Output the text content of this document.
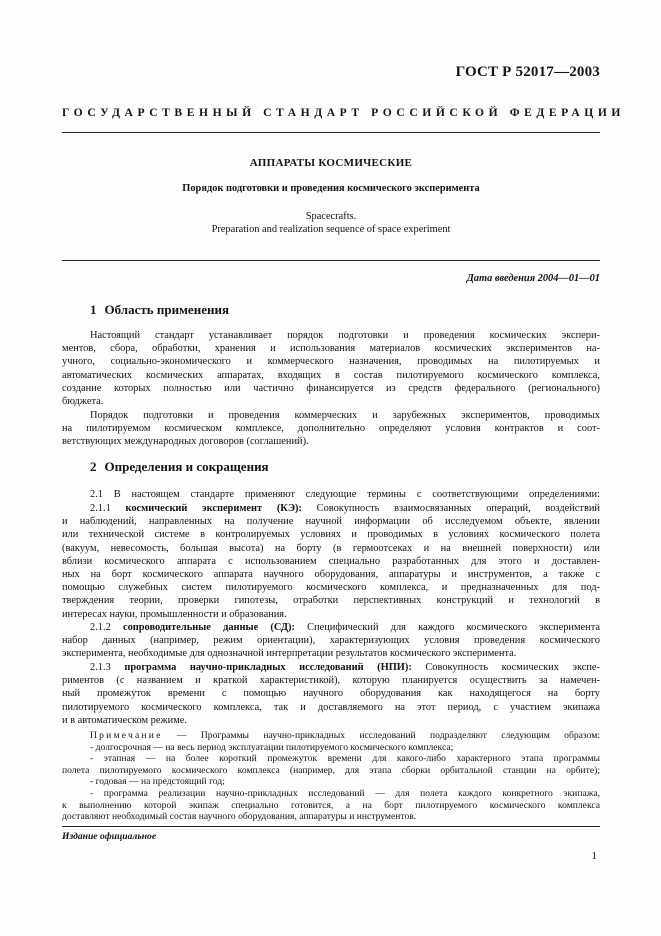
ГОСТ Р 52017—2003
ГОСУДАРСТВЕННЫЙ СТАНДАРТ РОССИЙСКОЙ ФЕДЕРАЦИИ
АППАРАТЫ КОСМИЧЕСКИЕ
Порядок подготовки и проведения космического эксперимента
Spacecrafts.
Preparation and realization sequence of space experiment
Дата введения 2004—01—01
1 Область применения
Настоящий стандарт устанавливает порядок подготовки и проведения космических экспери-
ментов, сбора, обработки, хранения и использования материалов космических экспериментов на-
учного, социально-экономического и коммерческого назначения, проводимых на пилотируемых и
автоматических космических аппаратах, входящих в состав пилотируемого космического комплекса,
создание которых полностью или частично финансируется из средств федерального (регионального)
бюджета.
Порядок подготовки и проведения коммерческих и зарубежных экспериментов, проводимых
на пилотируемом космическом комплексе, дополнительно определяют условия контрактов и соот-
ветствующих международных договоров (соглашений).
2 Определения и сокращения
2.1 В настоящем стандарте применяют следующие термины с соответствующими определениями:
2.1.1 космический эксперимент (КЭ): Совокупность взаимосвязанных операций, воздействий
и наблюдений, направленных на получение научной информации об исследуемом объекте, явлении
или технической системе в контролируемых условиях и проводимых в условиях космического полета
(вакуум, невесомость, большая высота) на борту (в гермоотсеках и на внешней поверхности) или
вблизи космического аппарата с использованием специально разработанных для этого и доставлен-
ных на борт космического аппарата научного оборудования, аппаратуры и инструментов, а также с
помощью служебных систем пилотируемого космического комплекса, и предназначенных для под-
тверждения теории, проверки гипотезы, отработки перспективных конструкций и технологий в
интересах науки, промышленности и образования.
2.1.2 сопроводительные данные (СД): Специфический для каждого космического эксперимента
набор данных (например, режим ориентации), характеризующих условия проведения космического
эксперимента, необходимые для однозначной интерпретации результатов космического эксперимента.
2.1.3 программа научно-прикладных исследований (НПИ): Совокупность космических экспе-
риментов (с названием и краткой характеристикой), которую планируется осуществить за намечен-
ный промежуток времени с помощью научного оборудования как находящегося на борту
пилотируемого космического комплекса, так и доставляемого на этот период, с участием экипажа
и в автоматическом режиме.
Примечание — Программы научно-прикладных исследований подразделяют следующим образом:
- долгосрочная — на весь период эксплуатации пилотируемого космического комплекса;
- этапная — на более короткий промежуток времени для какого-либо характерного этапа программы
полета пилотируемого космического комплекса (например, для этапа сборки орбитальной станции на орбите);
- годовая — на предстоящий год;
- программа реализации научно-прикладных исследований — для полета каждого конкретного экипажа,
к выполнению которой экипаж специально готовится, а на борт пилотируемого космического комплекса
доставляют необходимый состав научного оборудования, аппаратуры и инструментов.
Издание официальное
1
